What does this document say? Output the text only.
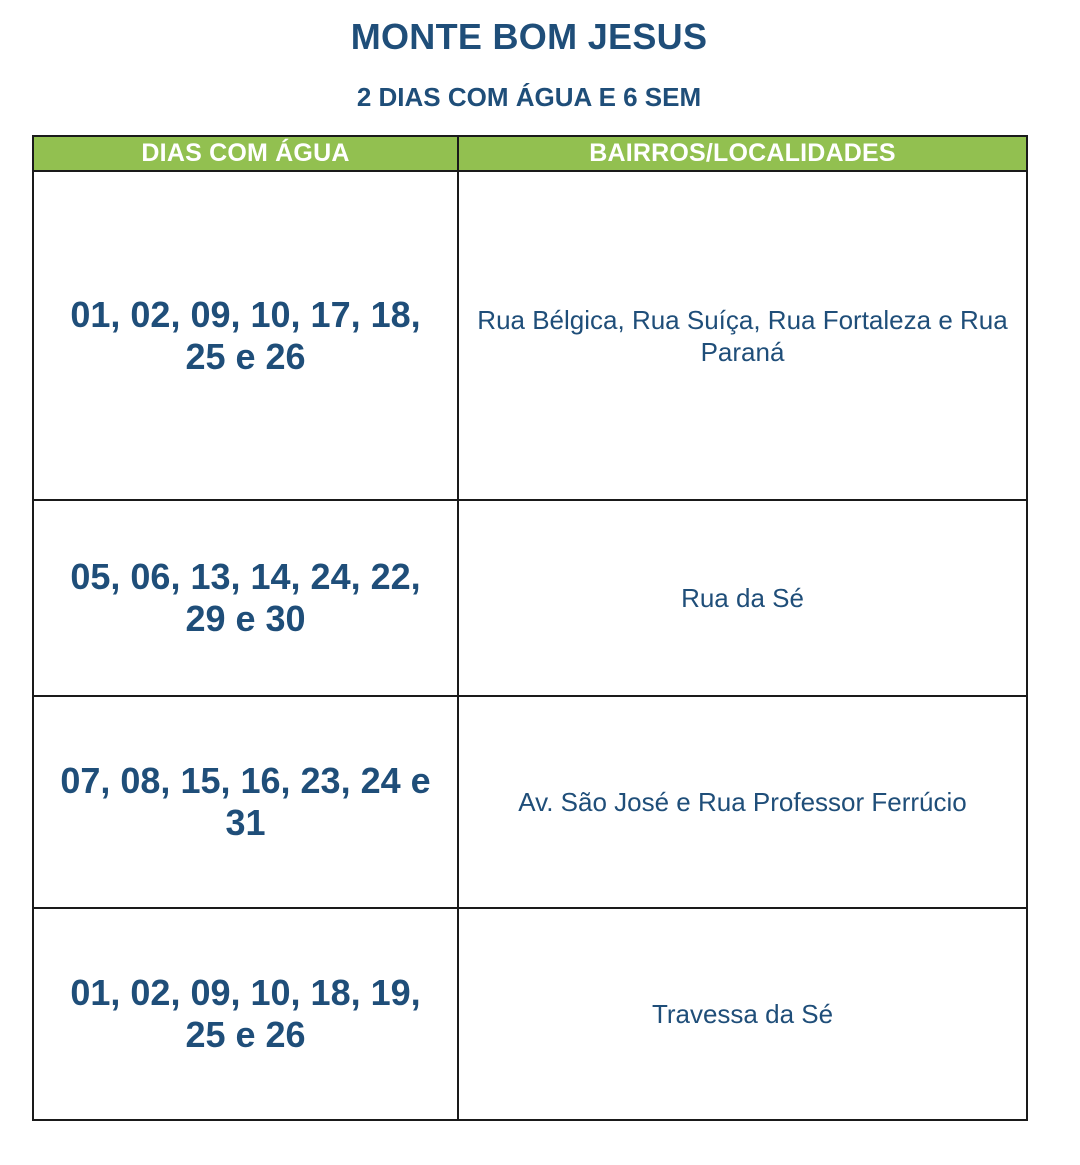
MONTE BOM JESUS
2 DIAS COM ÁGUA E 6 SEM
DIAS COM ÁGUA	BAIRROS/LOCALIDADES
01, 02, 09, 10, 17, 18, 25 e 26	Rua Bélgica, Rua Suíça, Rua Fortaleza e Rua Paraná
05, 06, 13, 14, 24, 22, 29 e 30	Rua da Sé
07, 08, 15, 16, 23, 24 e 31	Av. São José e Rua Professor Ferrúcio
01, 02, 09, 10, 18, 19, 25 e 26	Travessa da Sé
